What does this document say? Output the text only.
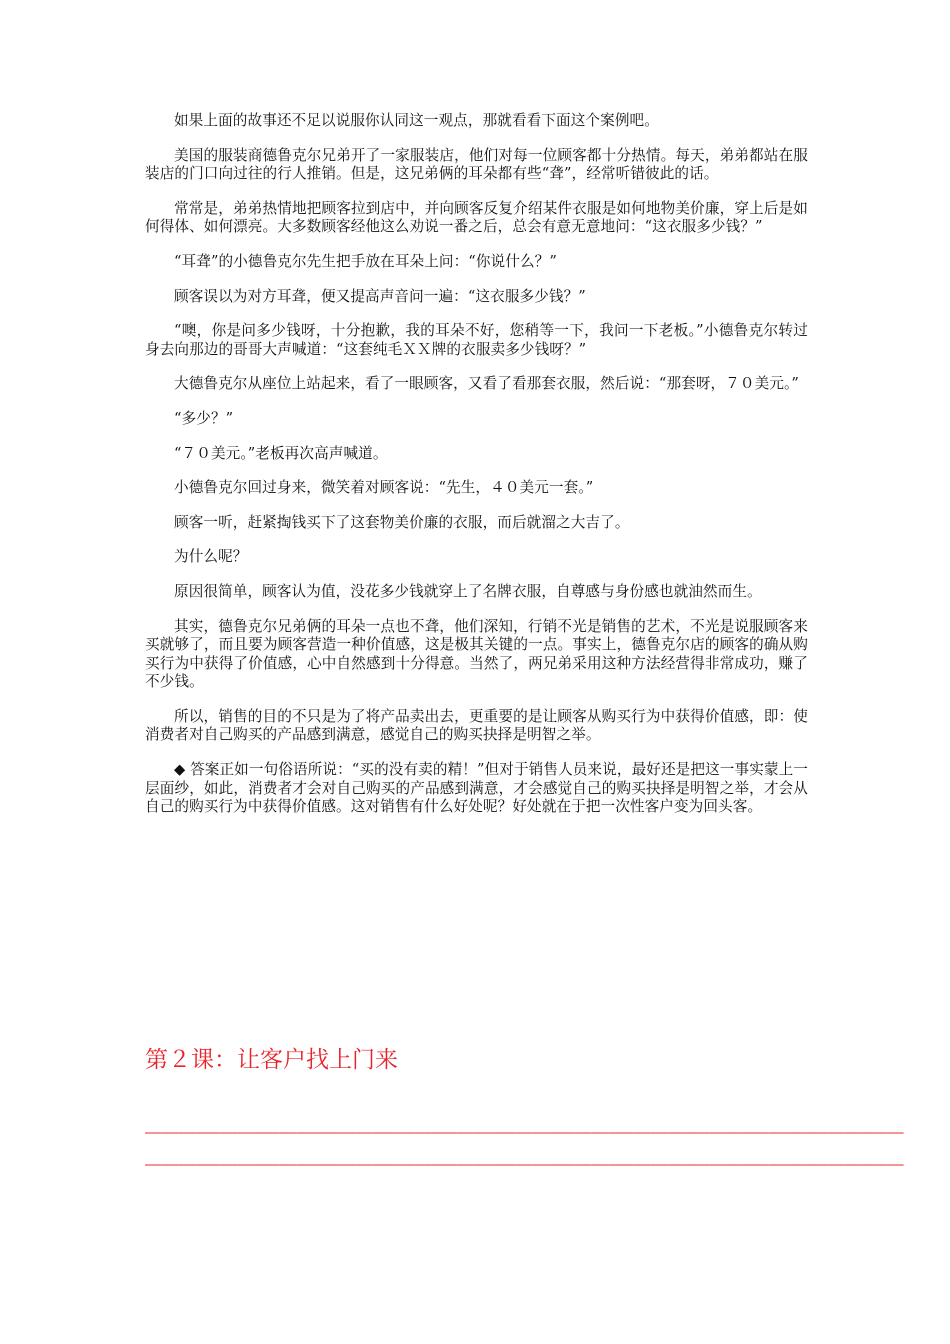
如果上面的故事还不足以说服你认同这一观点，那就看看下面这个案例吧。

美国的服装商德鲁克尔兄弟开了一家服装店，他们对每一位顾客都十分热情。每天，弟弟都站在服装店的门口向过往的行人推销。但是，这兄弟俩的耳朵都有些“聋”，经常听错彼此的话。

常常是，弟弟热情地把顾客拉到店中，并向顾客反复介绍某件衣服是如何地物美价廉，穿上后是如何得体、如何漂亮。大多数顾客经他这么劝说一番之后，总会有意无意地问：“这衣服多少钱？”

“耳聋”的小德鲁克尔先生把手放在耳朵上问：“你说什么？”

顾客误以为对方耳聋，便又提高声音问一遍：“这衣服多少钱？”

“噢，你是问多少钱呀，十分抱歉，我的耳朵不好，您稍等一下，我问一下老板。”小德鲁克尔转过身去向那边的哥哥大声喊道：“这套纯毛ＸＸ牌的衣服卖多少钱呀？”

大德鲁克尔从座位上站起来，看了一眼顾客，又看了看那套衣服，然后说：“那套呀，７０美元。”

“多少？”

“７０美元。”老板再次高声喊道。

小德鲁克尔回过身来，微笑着对顾客说：“先生，４０美元一套。”

顾客一听，赶紧掏钱买下了这套物美价廉的衣服，而后就溜之大吉了。

为什么呢？

原因很简单，顾客认为值，没花多少钱就穿上了名牌衣服，自尊感与身份感也就油然而生。

其实，德鲁克尔兄弟俩的耳朵一点也不聋，他们深知，行销不光是销售的艺术，不光是说服顾客来买就够了，而且要为顾客营造一种价值感，这是极其关键的一点。事实上，德鲁克尔店的顾客的确从购买行为中获得了价值感，心中自然感到十分得意。当然了，两兄弟采用这种方法经营得非常成功，赚了不少钱。

所以，销售的目的不只是为了将产品卖出去，更重要的是让顾客从购买行为中获得价值感，即：使消费者对自己购买的产品感到满意，感觉自己的购买抉择是明智之举。

◆ 答案正如一句俗语所说：“买的没有卖的精！”但对于销售人员来说，最好还是把这一事实蒙上一层面纱，如此，消费者才会对自己购买的产品感到满意，才会感觉自己的购买抉择是明智之举，才会从自己的购买行为中获得价值感。这对销售有什么好处呢？好处就在于把一次性客户变为回头客。

第２课：让客户找上门来
——————————————————————————————————————————————————————————————————————————————————————————
——————————————————————————————————————————————————————————————————————————————————————————
